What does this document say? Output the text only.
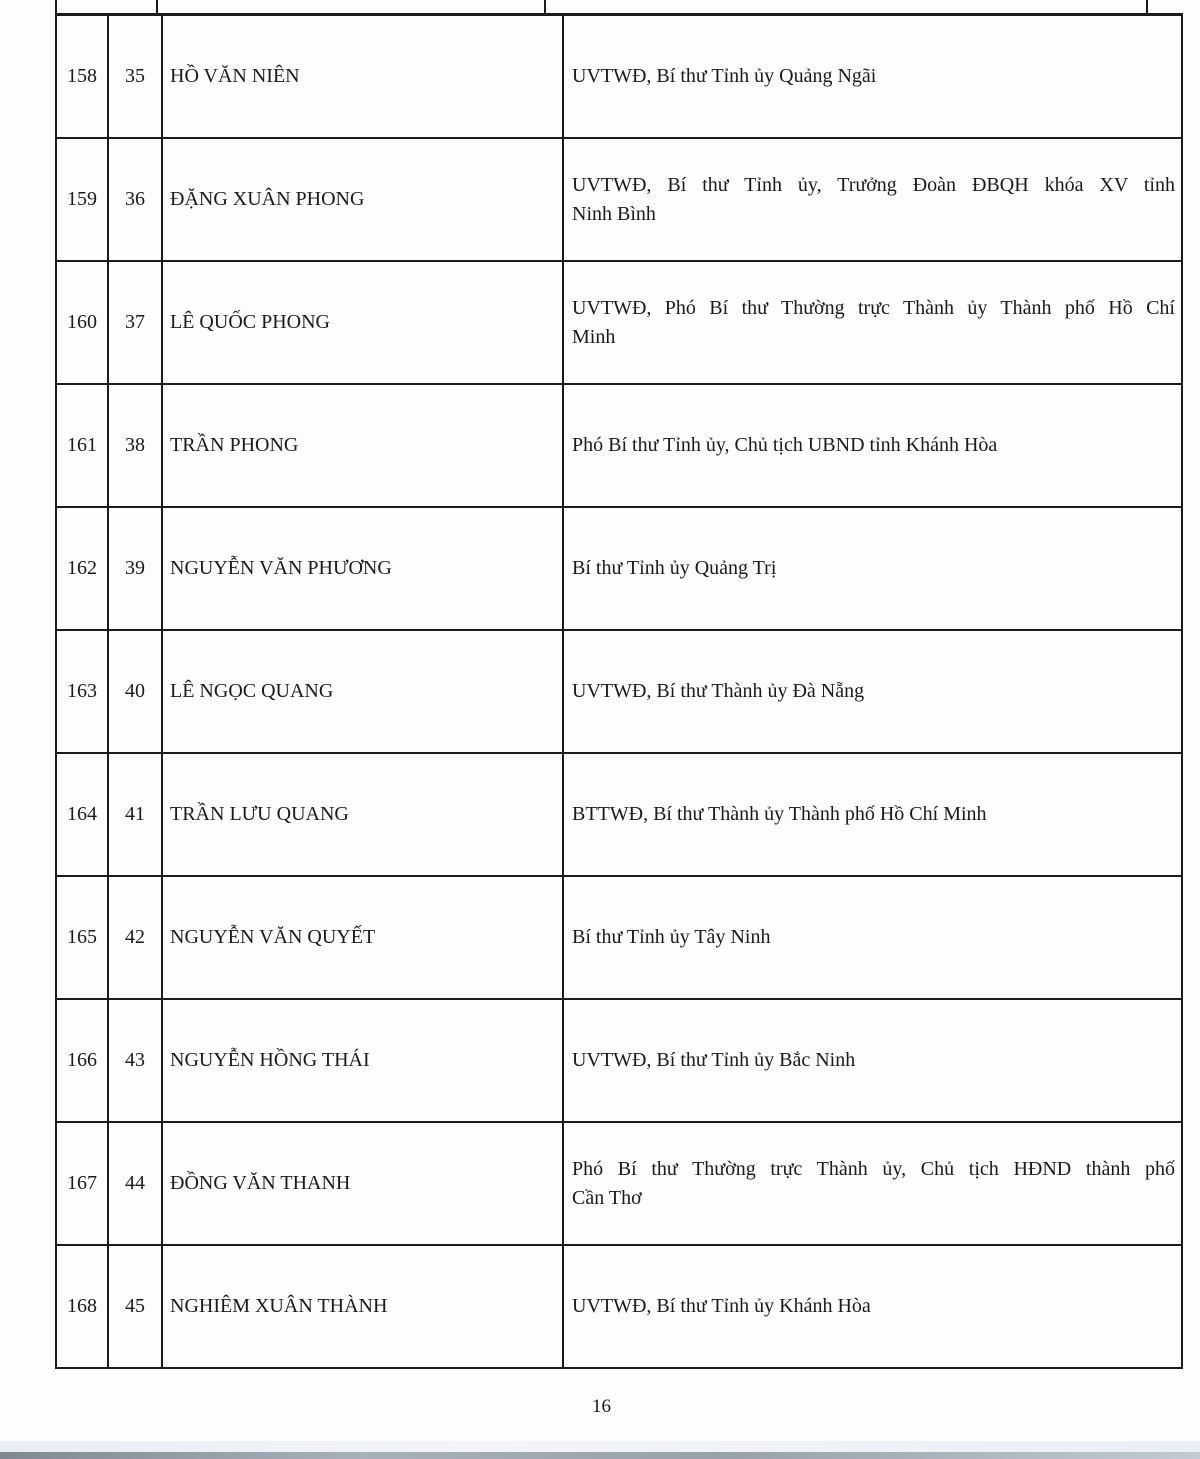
158	35	HỒ VĂN NIÊN	UVTWĐ, Bí thư Tỉnh ủy Quảng Ngãi

159	36	ĐẶNG XUÂN PHONG	UVTWĐ, Bí thư Tỉnh ủy, Trưởng Đoàn ĐBQH khóa XV tỉnh
Ninh Bình

160	37	LÊ QUỐC PHONG	UVTWĐ, Phó Bí thư Thường trực Thành ủy Thành phố Hồ Chí
Minh

161	38	TRẦN PHONG	Phó Bí thư Tỉnh ủy, Chủ tịch UBND tỉnh Khánh Hòa

162	39	NGUYỄN VĂN PHƯƠNG	Bí thư Tỉnh ủy Quảng Trị

163	40	LÊ NGỌC QUANG	UVTWĐ, Bí thư Thành ủy Đà Nẵng

164	41	TRẦN LƯU QUANG	BTTWĐ, Bí thư Thành ủy Thành phố Hồ Chí Minh

165	42	NGUYỄN VĂN QUYẾT	Bí thư Tỉnh ủy Tây Ninh

166	43	NGUYỄN HỒNG THÁI	UVTWĐ, Bí thư Tỉnh ủy Bắc Ninh

167	44	ĐỒNG VĂN THANH	Phó Bí thư Thường trực Thành ủy, Chủ tịch HĐND thành phố
Cần Thơ

168	45	NGHIÊM XUÂN THÀNH	UVTWĐ, Bí thư Tỉnh ủy Khánh Hòa
16
